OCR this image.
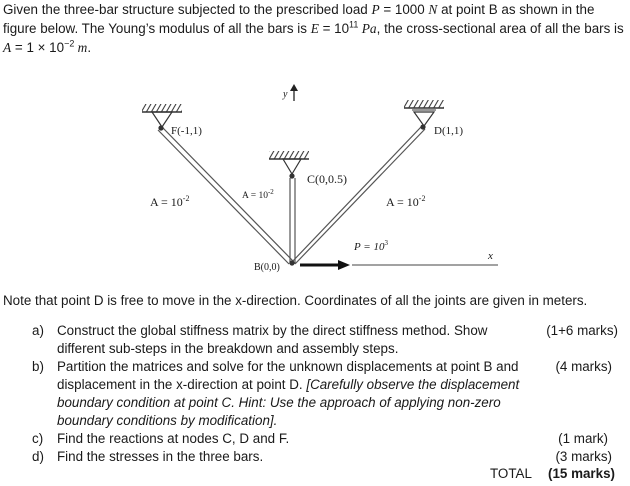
Given the three-bar structure subjected to the prescribed load P = 1000 N at point B as shown in the figure below. The Young’s modulus of all the bars is $E = 10^{11}$ Pa, the cross-sectional area of all the bars is $A = 1 \times 10^{-2}$ m.
y
x
F(-1,1)	D(1,1)
C(0,0.5)
B(0,0)
$A = 10^{-2}$	$A = 10^{-2}$
$A = 10^{-2}$
$P = 10^3$
Note that point D is free to move in the x-direction. Coordinates of all the joints are given in meters.
a) Construct the global stiffness matrix by the direct stiffness method. Show different sub-steps in the breakdown and assembly steps.
(1+6 marks)
b) Partition the matrices and solve for the unknown displacements at point B and displacement in the x-direction at point D. [Carefully observe the displacement boundary condition at point C. Hint: Use the approach of applying non-zero boundary conditions by modification].
(4 marks)
c) Find the reactions at nodes C, D and F.	(1 mark)
d) Find the stresses in the three bars.	(3 marks)
TOTAL (15 marks)
